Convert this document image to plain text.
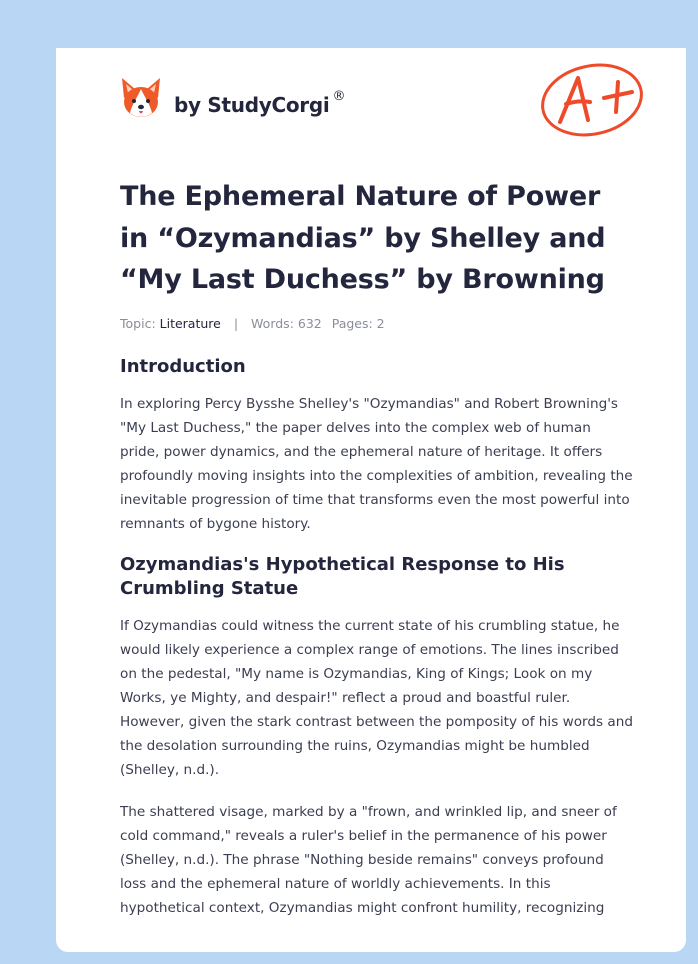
by StudyCorgi ®
The Ephemeral Nature of Power in “Ozymandias” by Shelley and “My Last Duchess” by Browning
Topic: Literature | Words: 632 Pages: 2
Introduction

In exploring Percy Bysshe Shelley's "Ozymandias" and Robert Browning's "My Last Duchess," the paper delves into the complex web of human pride, power dynamics, and the ephemeral nature of heritage. It offers profoundly moving insights into the complexities of ambition, revealing the inevitable progression of time that transforms even the most powerful into remnants of bygone history.

Ozymandias's Hypothetical Response to His Crumbling Statue

If Ozymandias could witness the current state of his crumbling statue, he would likely experience a complex range of emotions. The lines inscribed on the pedestal, "My name is Ozymandias, King of Kings; Look on my Works, ye Mighty, and despair!" reflect a proud and boastful ruler. However, given the stark contrast between the pomposity of his words and the desolation surrounding the ruins, Ozymandias might be humbled (Shelley, n.d.).

The shattered visage, marked by a "frown, and wrinkled lip, and sneer of cold command," reveals a ruler's belief in the permanence of his power (Shelley, n.d.). The phrase "Nothing beside remains" conveys profound loss and the ephemeral nature of worldly achievements. In this hypothetical context, Ozymandias might confront humility, recognizing
